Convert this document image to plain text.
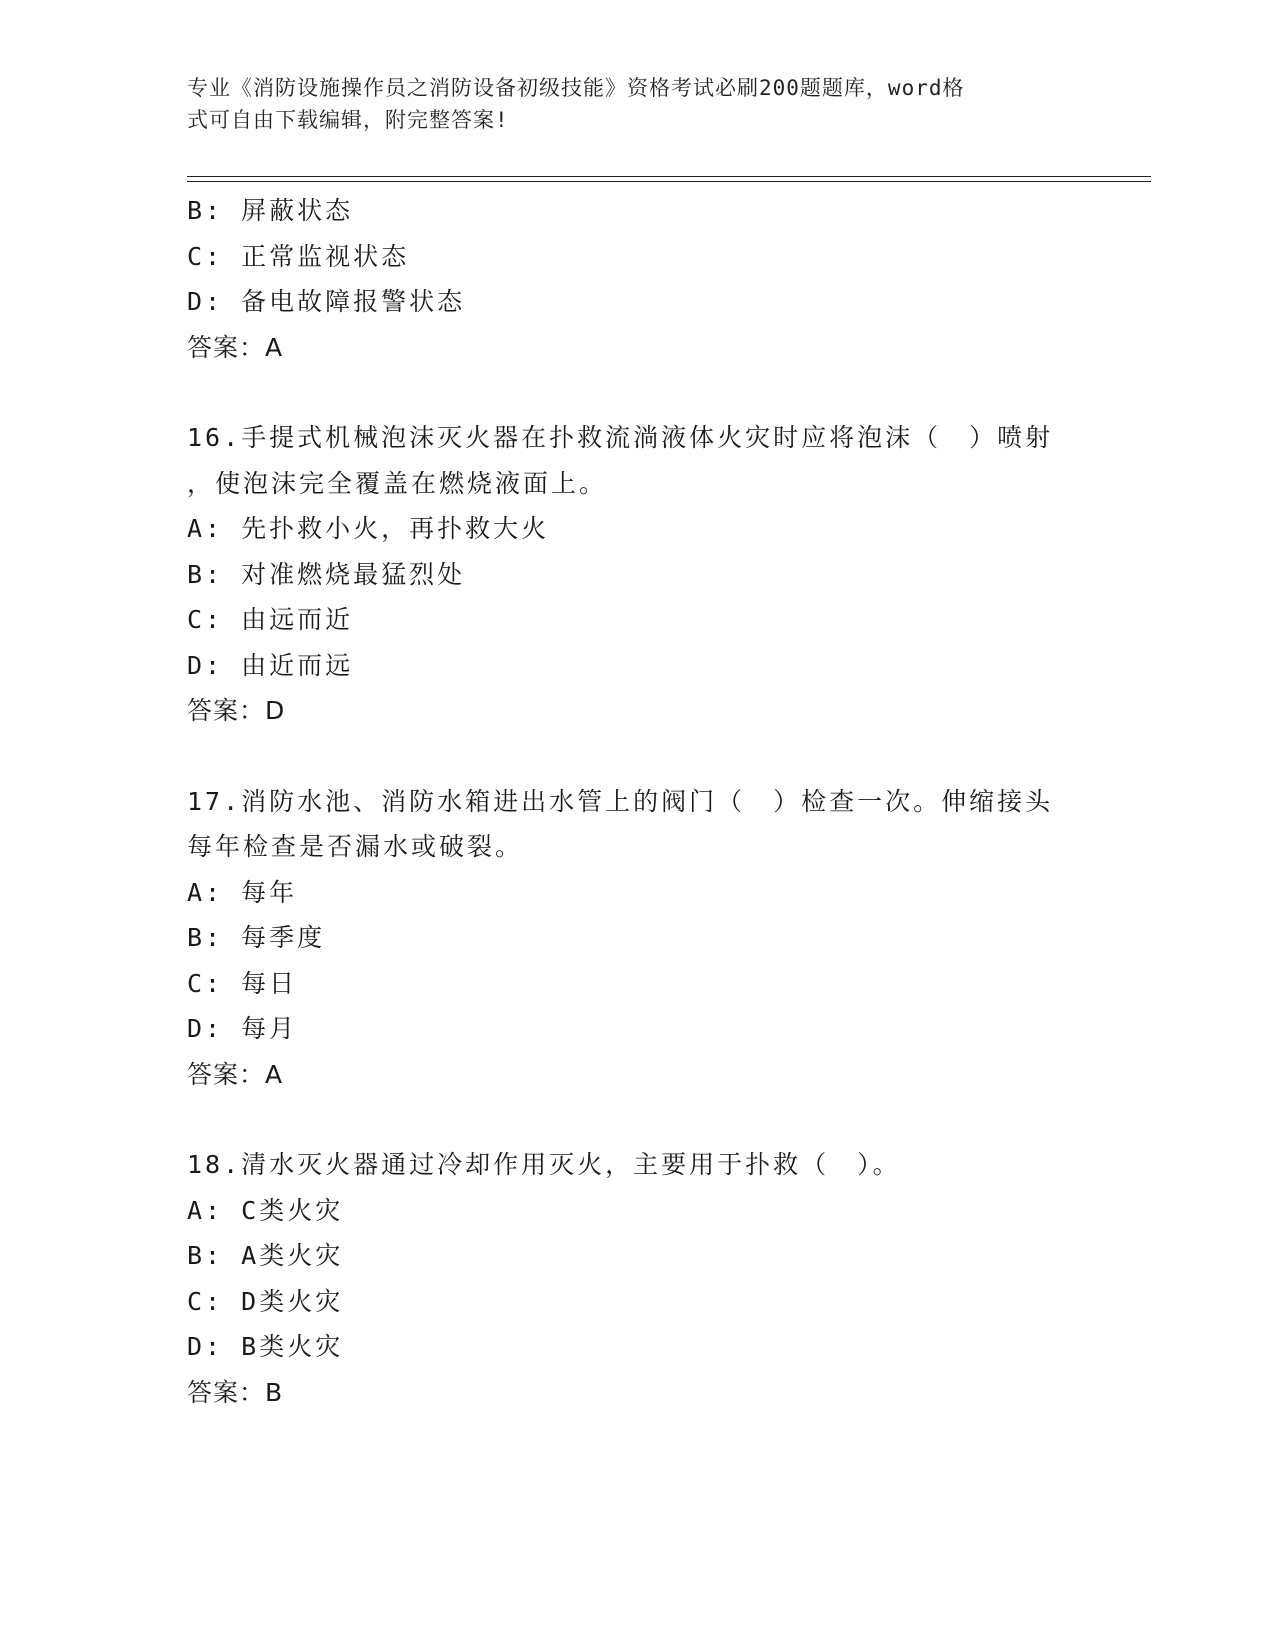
专业《消防设施操作员之消防设备初级技能》资格考试必刷200题题库，word格
式可自由下载编辑，附完整答案!
B: 屏蔽状态
C: 正常监视状态
D: 备电故障报警状态
答案：A
16.手提式机械泡沫灭火器在扑救流淌液体火灾时应将泡沫（　）喷射
，使泡沫完全覆盖在燃烧液面上。
A: 先扑救小火，再扑救大火
B: 对准燃烧最猛烈处
C: 由远而近
D: 由近而远
答案：D
17.消防水池、消防水箱进出水管上的阀门（　）检查一次。伸缩接头
每年检查是否漏水或破裂。
A: 每年
B: 每季度
C: 每日
D: 每月
答案：A
18.清水灭火器通过冷却作用灭火，主要用于扑救（　）。
A: C类火灾
B: A类火灾
C: D类火灾
D: B类火灾
答案：B
